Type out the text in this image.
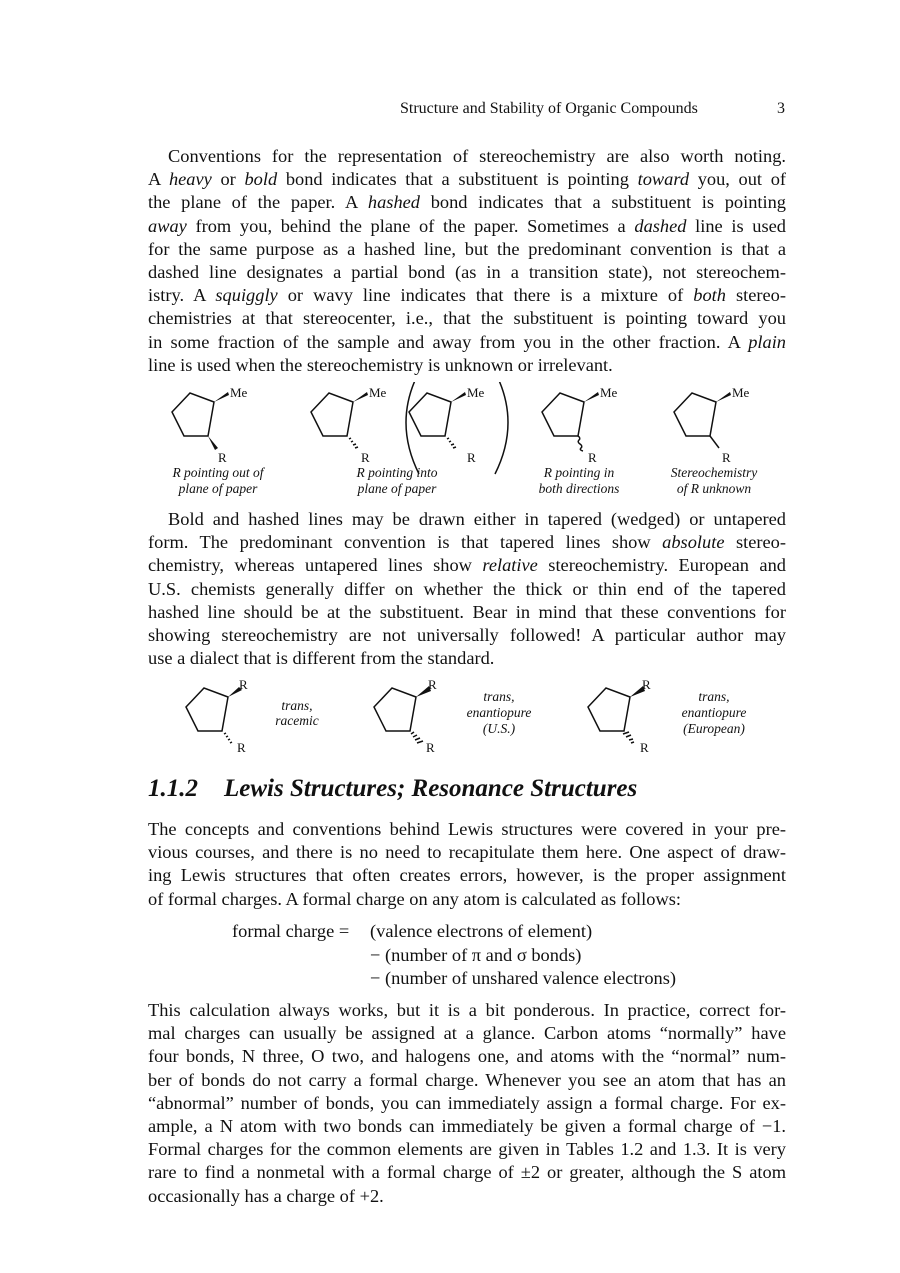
Structure and Stability of Organic Compounds	3

Conventions for the representation of stereochemistry are also worth noting.
A heavy or bold bond indicates that a substituent is pointing toward you, out of
the plane of the paper. A hashed bond indicates that a substituent is pointing
away from you, behind the plane of the paper. Sometimes a dashed line is used
for the same purpose as a hashed line, but the predominant convention is that a
dashed line designates a partial bond (as in a transition state), not stereochem-
istry. A squiggly or wavy line indicates that there is a mixture of both stereo-
chemistries at that stereocenter, i.e., that the substituent is pointing toward you
in some fraction of the sample and away from you in the other fraction. A plain
line is used when the stereochemistry is unknown or irrelevant.

Me
R
Me
R
Me
R
Me
R
Me
R
R pointing out of
plane of paper
R pointing into
plane of paper
R pointing in
both directions
Stereochemistry
of R unknown

Bold and hashed lines may be drawn either in tapered (wedged) or untapered
form. The predominant convention is that tapered lines show absolute stereo-
chemistry, whereas untapered lines show relative stereochemistry. European and
U.S. chemists generally differ on whether the thick or thin end of the tapered
hashed line should be at the substituent. Bear in mind that these conventions for
showing stereochemistry are not universally followed! A particular author may
use a dialect that is different from the standard.

R
R
R
R
R
R
trans,
racemic
trans,
enantiopure
(U.S.)
trans,
enantiopure
(European)
1.1.2 Lewis Structures; Resonance Structures

The concepts and conventions behind Lewis structures were covered in your pre-
vious courses, and there is no need to recapitulate them here. One aspect of draw-
ing Lewis structures that often creates errors, however, is the proper assignment
of formal charges. A formal charge on any atom is calculated as follows:

formal charge = (valence electrons of element)
− (number of π and σ bonds)
− (number of unshared valence electrons)

This calculation always works, but it is a bit ponderous. In practice, correct for-
mal charges can usually be assigned at a glance. Carbon atoms “normally” have
four bonds, N three, O two, and halogens one, and atoms with the “normal” num-
ber of bonds do not carry a formal charge. Whenever you see an atom that has an
“abnormal” number of bonds, you can immediately assign a formal charge. For ex-
ample, a N atom with two bonds can immediately be given a formal charge of −1.
Formal charges for the common elements are given in Tables 1.2 and 1.3. It is very
rare to find a nonmetal with a formal charge of ±2 or greater, although the S atom
occasionally has a charge of +2.
